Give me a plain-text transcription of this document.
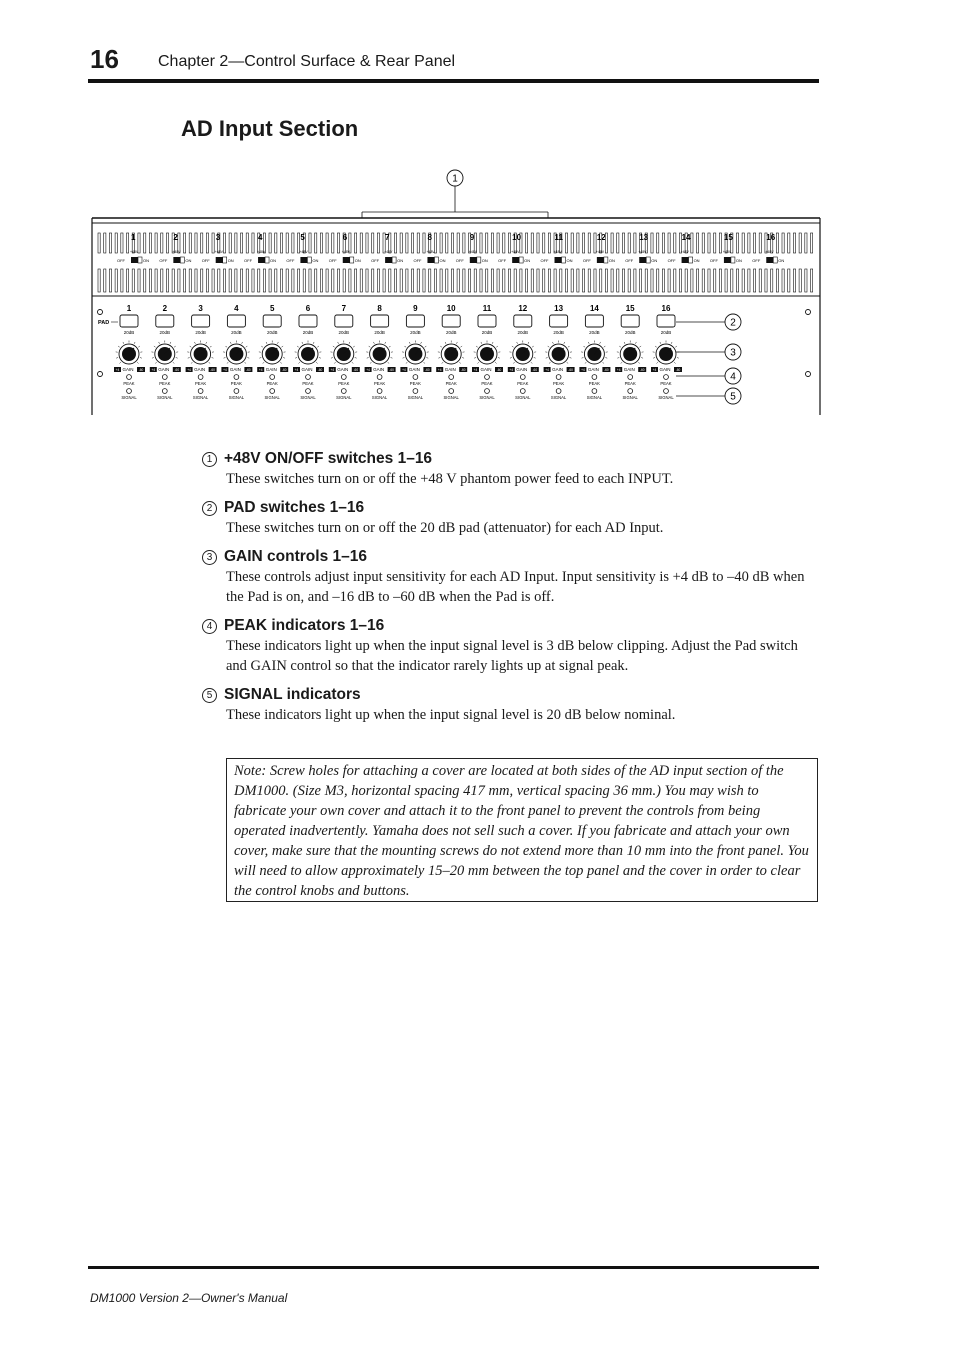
16 Chapter 2—Control Surface & Rear Panel
AD Input Section
PAD
1
+48V
OFF	ON
1
20dB
+4 GAIN -60
PEAK
SIGNAL
2
+48V
OFF	ON
2
20dB
+4 GAIN -60
PEAK
SIGNAL
3
+48V
OFF	ON
3
20dB
+4 GAIN -60
PEAK
SIGNAL
4
+48V
OFF	ON
4
20dB
+4 GAIN -60
PEAK
SIGNAL
5
+48V
OFF	ON
5
20dB
+4 GAIN -60
PEAK
SIGNAL
6
+48V
OFF	ON
6
20dB
+4 GAIN -60
PEAK
SIGNAL
7
+48V
OFF	ON
7
20dB
+4 GAIN -60
PEAK
SIGNAL
8
+48V
OFF	ON
8
20dB
+4 GAIN -60
PEAK
SIGNAL
9
+48V
OFF	ON
9
20dB
+4 GAIN -60
PEAK
SIGNAL
10
+48V
OFF	ON
10
20dB
+4 GAIN -60
PEAK
SIGNAL
11
+48V
OFF	ON
11
20dB
+4 GAIN -60
PEAK
SIGNAL
12
+48V
OFF	ON
12
20dB
+4 GAIN -60
PEAK
SIGNAL
13
+48V
OFF	ON
13
20dB
+4 GAIN -60
PEAK
SIGNAL
14
+48V
OFF	ON
14
20dB
+4 GAIN -60
PEAK
SIGNAL
15
+48V
OFF	ON
15
20dB
+4 GAIN -60
PEAK
SIGNAL
16
+48V
OFF	ON
16
20dB
+4 GAIN -60
PEAK
SIGNAL
1
2
3
4
5
1 +48V ON/OFF switches 1–16
These switches turn on or off the +48 V phantom power feed to each INPUT.
2 PAD switches 1–16
These switches turn on or off the 20 dB pad (attenuator) for each AD Input.
3 GAIN controls 1–16
These controls adjust input sensitivity for each AD Input. Input sensitivity is +4 dB to –40 dB when the Pad is on, and –16 dB to –60 dB when the Pad is off.
4 PEAK indicators 1–16
These indicators light up when the input signal level is 3 dB below clipping. Adjust the Pad switch and GAIN control so that the indicator rarely lights up at signal peak.
5 SIGNAL indicators
These indicators light up when the input signal level is 20 dB below nominal.
Note: Screw holes for attaching a cover are located at both sides of the AD input section of the DM1000. (Size M3, horizontal spacing 417 mm, vertical spacing 36 mm.) You may wish to fabricate your own cover and attach it to the front panel to prevent the controls from being operated inadvertently. Yamaha does not sell such a cover. If you fabricate and attach your own cover, make sure that the mounting screws do not extend more than 10 mm into the front panel. You will need to allow approximately 15–20 mm between the top panel and the cover in order to clear the control knobs and buttons.
DM1000 Version 2—Owner's Manual
